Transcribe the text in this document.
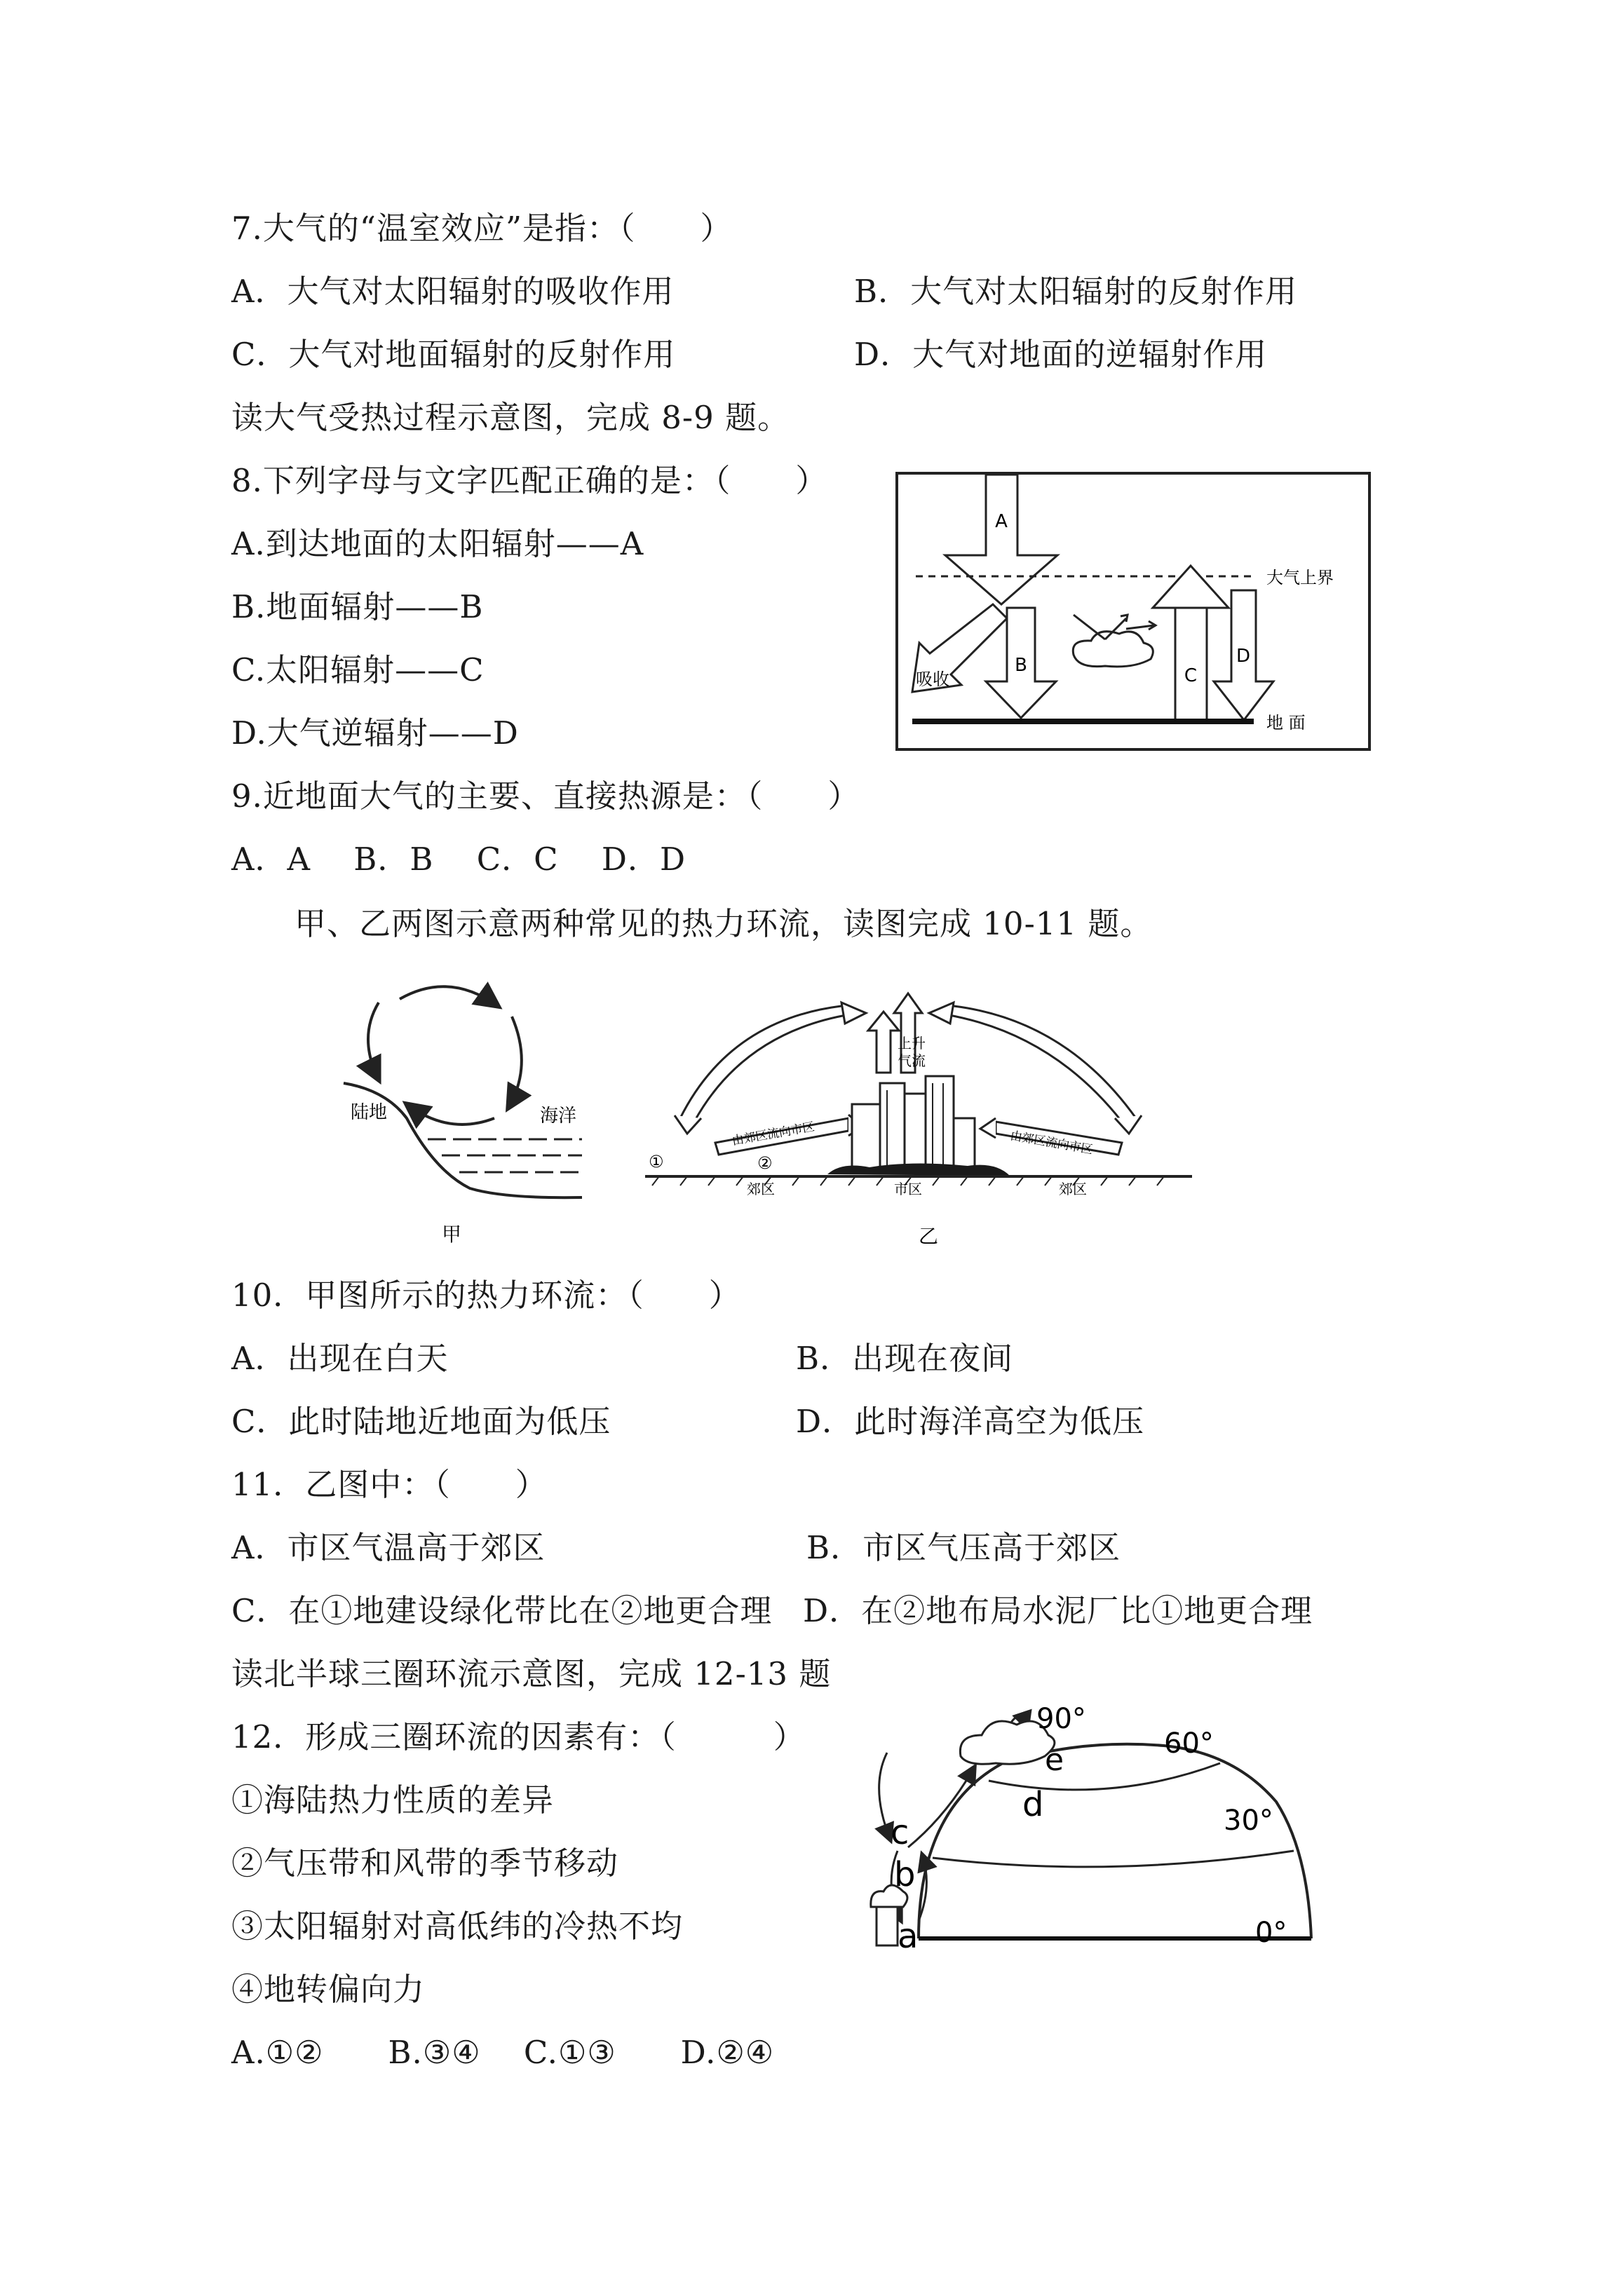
7.大气的“温室效应”是指：（　　）
A．大气对太阳辐射的吸收作用	B．大气对太阳辐射的反射作用
C．大气对地面辐射的反射作用	D．大气对地面的逆辐射作用
读大气受热过程示意图，完成 8-9 题。
8.下列字母与文字匹配正确的是：（　　）
A.到达地面的太阳辐射——A
B.地面辐射——B
C.太阳辐射——C
D.大气逆辐射——D
A
大气上界
吸收
B	C
D
地 面
9.近地面大气的主要、直接热源是：（　　）
A．A　 B．B　 C．C　 D．D
甲、乙两图示意两种常见的热力环流，读图完成 10-11 题。
陆地	海洋
甲
上升
气流
由郊区流向市区	由郊区流向市区
①	②
郊区	市区	郊区
乙
10．甲图所示的热力环流：（　　）
A．出现在白天	B．出现在夜间
C．此时陆地近地面为低压	D．此时海洋高空为低压
11．乙图中：（　　）
A．市区气温高于郊区	B．市区气压高于郊区
C．在①地建设绿化带比在②地更合理 D．在②地布局水泥厂比①地更合理
读北半球三圈环流示意图，完成 12-13 题
12．形成三圈环流的因素有：（　　　）
①海陆热力性质的差异
②气压带和风带的季节移动
③太阳辐射对高低纬的冷热不均
④地转偏向力
A.①②　　B.③④　 C.①③　　D.②④
e
d
c
b
a
90°
60°
30°
0°
